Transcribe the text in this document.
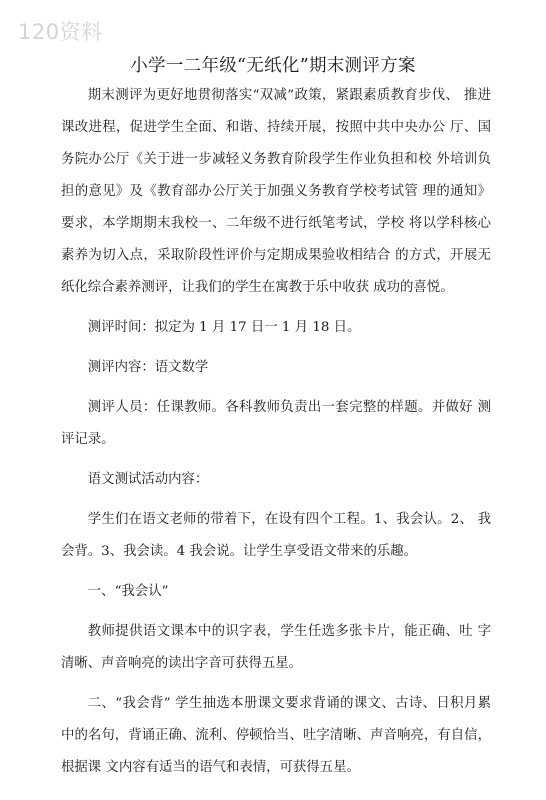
120资料
小学一二年级“无纸化”期末测评方案

期末测评为更好地贯彻落实“双减”政策，紧跟素质教育步伐、 推进课改进程，促进学生全面、和谐、持续开展，按照中共中央办公 厅、国务院办公厅《关于进一步减轻义务教育阶段学生作业负担和校 外培训负担的意见》及《教育部办公厅关于加强义务教育学校考试管 理的通知》要求，本学期期末我校一、二年级不进行纸笔考试，学校 将以学科核心素养为切入点，采取阶段性评价与定期成果验收相结合 的方式，开展无纸化综合素养测评，让我们的学生在寓教于乐中收获 成功的喜悦。

测评时间：拟定为 1 月 17 日一 1 月 18 日。

测评内容：语文数学

测评人员：任课教师。各科教师负责出一套完整的样题。并做好 测评记录。

语文测试活动内容：

学生们在语文老师的带着下，在设有四个工程。1、我会认。2、 我会背。3、我会读。4 我会说。让学生享受语文带来的乐趣。

一、“我会认”

教师提供语文课本中的识字表，学生任选多张卡片，能正确、吐 字清晰、声音响亮的读出字音可获得五星。

二、“我会背” 学生抽选本册课文要求背诵的课文、古诗、日积月累中的名句，背诵正确、流利、停顿恰当、吐字清晰、声音响亮，有自信，根据课 文内容有适当的语气和表情，可获得五星。
